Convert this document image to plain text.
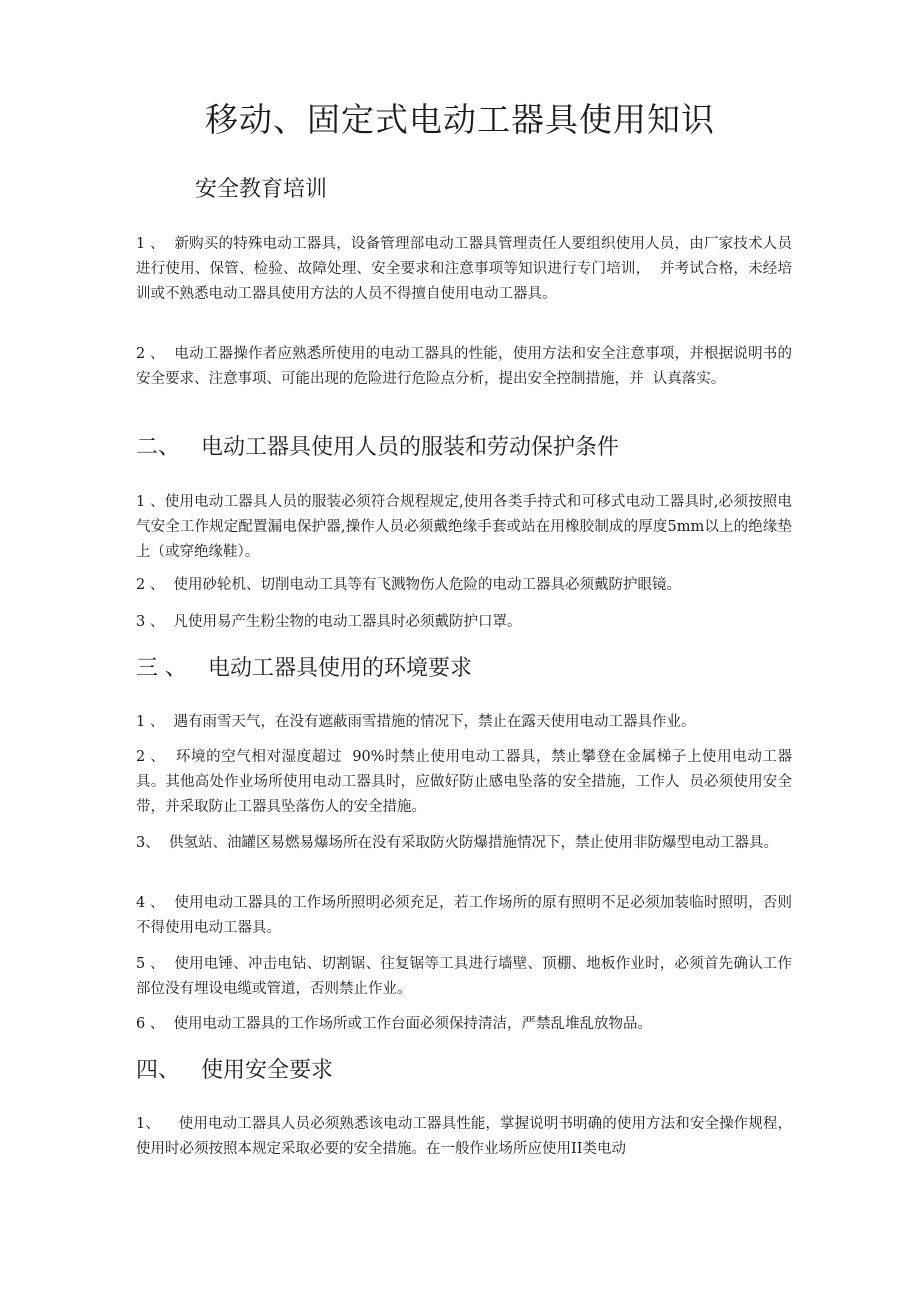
移动、固定式电动工器具使用知识
安全教育培训
1 、  新购买的特殊电动工器具，设备管理部电动工器具管理责任人要组织使用人员，由厂家技术人员进行使用、保管、检验、故障处理、安全要求和注意事项等知识进行专门培训，  并考试合格，未经培训或不熟悉电动工器具使用方法的人员不得擅自使用电动工器具。
2 、  电动工器操作者应熟悉所使用的电动工器具的性能，使用方法和安全注意事项，并根据说明书的安全要求、注意事项、可能出现的危险进行危险点分析，提出安全控制措施，并  认真落实。
二、   电动工器具使用人员的服装和劳动保护条件
1 、使用电动工器具人员的服装必须符合规程规定,使用各类手持式和可移式电动工器具时,必须按照电气安全工作规定配置漏电保护器,操作人员必须戴绝缘手套或站在用橡胶制成的厚度5mm以上的绝缘垫上（或穿绝缘鞋）。
2 、  使用砂轮机、切削电动工具等有飞溅物伤人危险的电动工器具必须戴防护眼镜。
3 、  凡使用易产生粉尘物的电动工器具时必须戴防护口罩。
三 、   电动工器具使用的环境要求
1 、  遇有雨雪天气，在没有遮蔽雨雪措施的情况下，禁止在露天使用电动工器具作业。
2 、  环境的空气相对湿度超过  90%时禁止使用电动工器具，禁止攀登在金属梯子上使用电动工器具。其他高处作业场所使用电动工器具时，应做好防止感电坠落的安全措施，工作人  员必须使用安全带，并采取防止工器具坠落伤人的安全措施。
3、  供氢站、油罐区易燃易爆场所在没有采取防火防爆措施情况下，禁止使用非防爆型电动工器具。
4 、  使用电动工器具的工作场所照明必须充足，若工作场所的原有照明不足必须加装临时照明，否则不得使用电动工器具。
5 、  使用电锤、冲击电钻、切割锯、往复锯等工具进行墙壁、顶棚、地板作业时，必须首先确认工作部位没有埋设电缆或管道，否则禁止作业。
6 、  使用电动工器具的工作场所或工作台面必须保持清洁，严禁乱堆乱放物品。
四、   使用安全要求
1、    使用电动工器具人员必须熟悉该电动工器具性能，掌握说明书明确的使用方法和安全操作规程，使用时必须按照本规定采取必要的安全措施。在一般作业场所应使用II类电动
